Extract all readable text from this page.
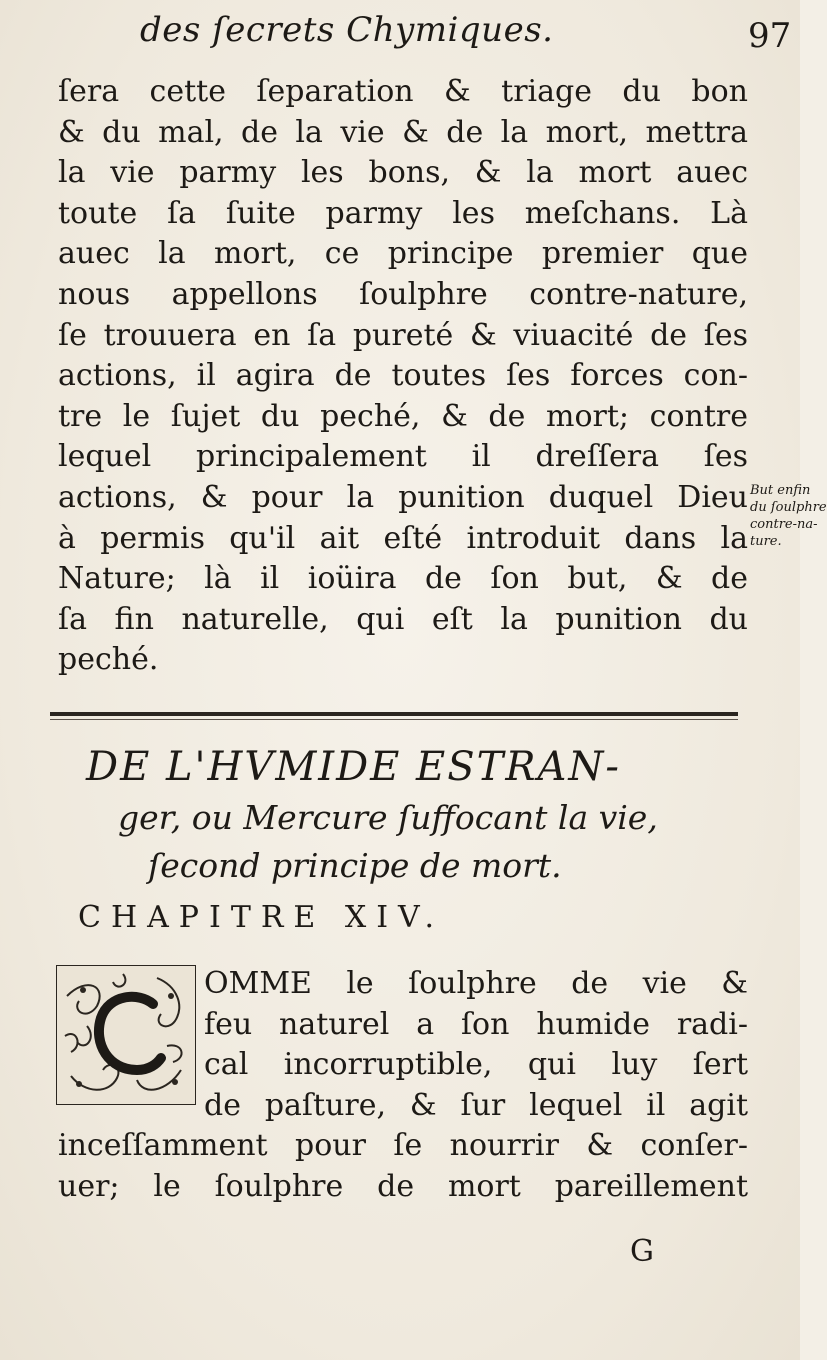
des ſecrets Chymiques.	97
ſera cette ſeparation & triage du bon
& du mal, de la vie & de la mort, mettra
la vie parmy les bons, & la mort auec
toute ſa ſuite parmy les meſchans. Là
auec la mort, ce principe premier que
nous appellons ſoulphre contre-nature,
ſe trouuera en ſa pureté & viuacité de ſes
actions, il agira de toutes ſes forces con-
tre le ſujet du peché, & de mort; contre
lequel principalement il dreſſera ſes
actions, & pour la punition duquel Dieu
à permis qu'il ait eſté introduit dans la
Nature; là il ioüira de ſon but, & de
ſa fin naturelle, qui eſt la punition du
peché.
But enfin
du ſoulphre
contre-na-
ture.
DE L'HVMIDE ESTRAN-
ger, ou Mercure ſuffocant la vie,
ſecond principe de mort.
CHAPITRE XIV.
OMME le ſoulphre de vie &
feu naturel a ſon humide radi-
cal incorruptible, qui luy ſert
de paſture, & ſur lequel il agit
inceſſamment pour ſe nourrir & conſer-
uer; le ſoulphre de mort pareillement
G
